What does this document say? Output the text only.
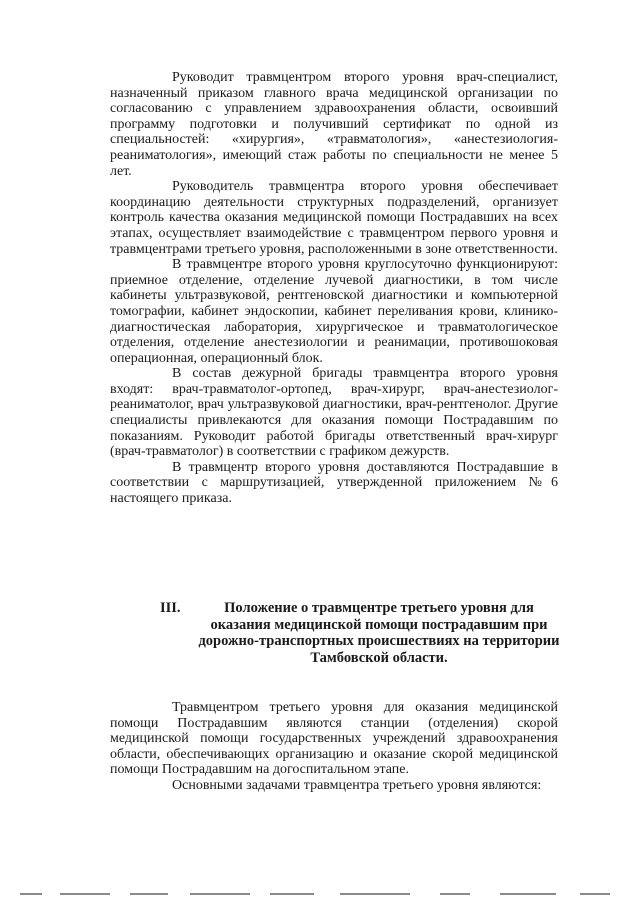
Руководит травмцентром второго уровня врач-специалист, назначенный приказом главного врача медицинской организации по согласованию с управлением здравоохранения области, освоивший программу подготовки и получивший сертификат по одной из специальностей: «хирургия», «травматология», «анестезиология-реаниматология», имеющий стаж работы по специальности не менее 5 лет.

Руководитель травмцентра второго уровня обеспечивает координацию деятельности структурных подразделений, организует контроль качества оказания медицинской помощи Пострадавших на всех этапах, осуществляет взаимодействие с травмцентром первого уровня и травмцентрами третьего уровня, расположенными в зоне ответственности.

В травмцентре второго уровня круглосуточно функционируют: приемное отделение, отделение лучевой диагностики, в том числе кабинеты ультразвуковой, рентгеновской диагностики и компьютерной томографии, кабинет эндоскопии, кабинет переливания крови, клинико-диагностическая лаборатория, хирургическое и травматологическое отделения, отделение анестезиологии и реанимации, противошоковая операционная, операционный блок.

В состав дежурной бригады травмцентра второго уровня входят: врач-травматолог-ортопед, врач-хирург, врач-анестезиолог-реаниматолог, врач ультразвуковой диагностики, врач-рентгенолог. Другие специалисты привлекаются для оказания помощи Пострадавшим по показаниям. Руководит работой бригады ответственный врач-хирург (врач-травматолог) в соответствии с графиком дежурств.

В травмцентр второго уровня доставляются Пострадавшие в соответствии с маршрутизацией, утвержденной приложением №6 настоящего приказа.

III.	Положение о травмцентре третьего уровня для оказания медицинской помощи пострадавшим при дорожно-транспортных происшествиях на территории Тамбовской области.

Травмцентром третьего уровня для оказания медицинской помощи Пострадавшим являются станции (отделения) скорой медицинской помощи государственных учреждений здравоохранения области, обеспечивающих организацию и оказание скорой медицинской помощи Пострадавшим на догоспитальном этапе.

Основными задачами травмцентра третьего уровня являются:
